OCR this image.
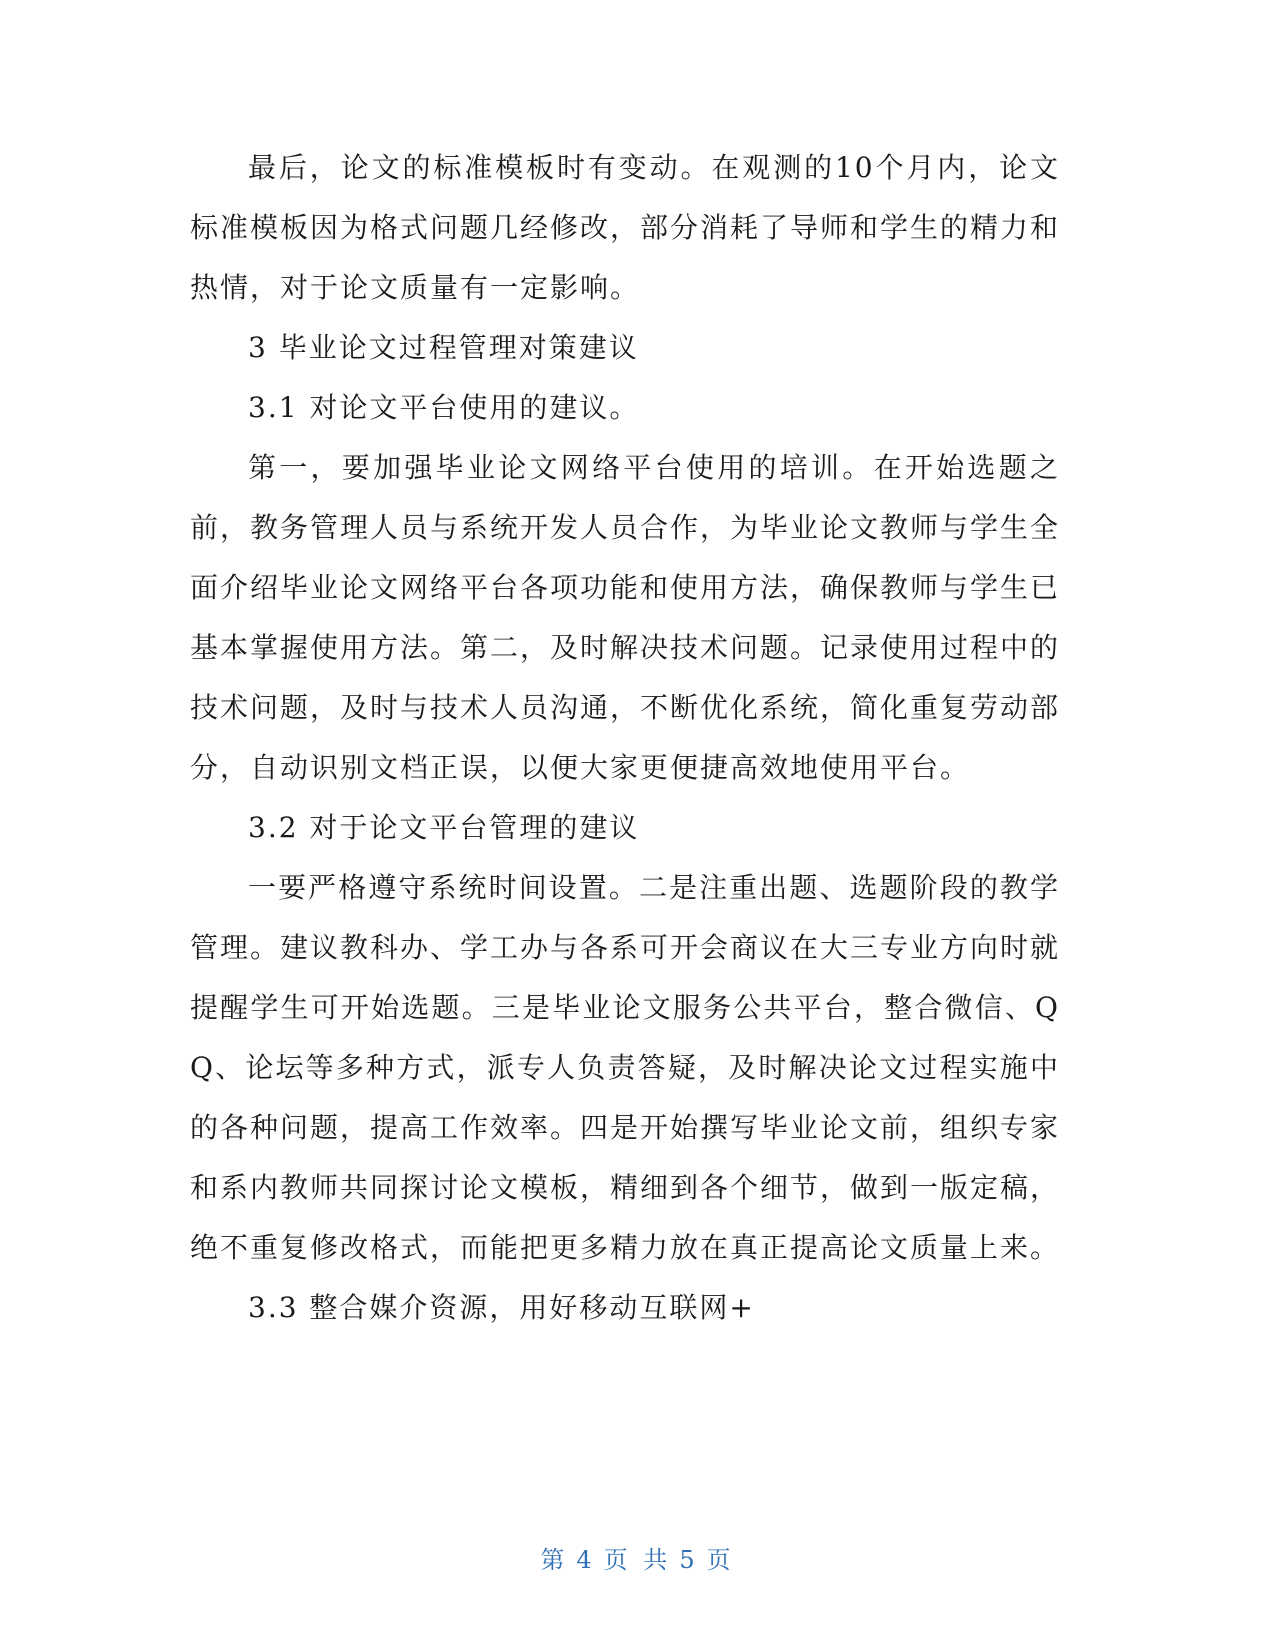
最后，论文的标准模板时有变动。在观测的10个月内，论文标准模板因为格式问题几经修改，部分消耗了导师和学生的精力和热情，对于论文质量有一定影响。

3 毕业论文过程管理对策建议

3.1 对论文平台使用的建议。

第一，要加强毕业论文网络平台使用的培训。在开始选题之前，教务管理人员与系统开发人员合作，为毕业论文教师与学生全面介绍毕业论文网络平台各项功能和使用方法，确保教师与学生已基本掌握使用方法。第二，及时解决技术问题。记录使用过程中的技术问题，及时与技术人员沟通，不断优化系统，简化重复劳动部分，自动识别文档正误，以便大家更便捷高效地使用平台。

3.2 对于论文平台管理的建议

一要严格遵守系统时间设置。二是注重出题、选题阶段的教学管理。建议教科办、学工办与各系可开会商议在大三专业方向时就提醒学生可开始选题。三是毕业论文服务公共平台，整合微信、QQ、论坛等多种方式，派专人负责答疑，及时解决论文过程实施中的各种问题，提高工作效率。四是开始撰写毕业论文前，组织专家和系内教师共同探讨论文模板，精细到各个细节，做到一版定稿，绝不重复修改格式，而能把更多精力放在真正提高论文质量上来。

3.3 整合媒介资源，用好移动互联网+

第 4 页 共 5 页
